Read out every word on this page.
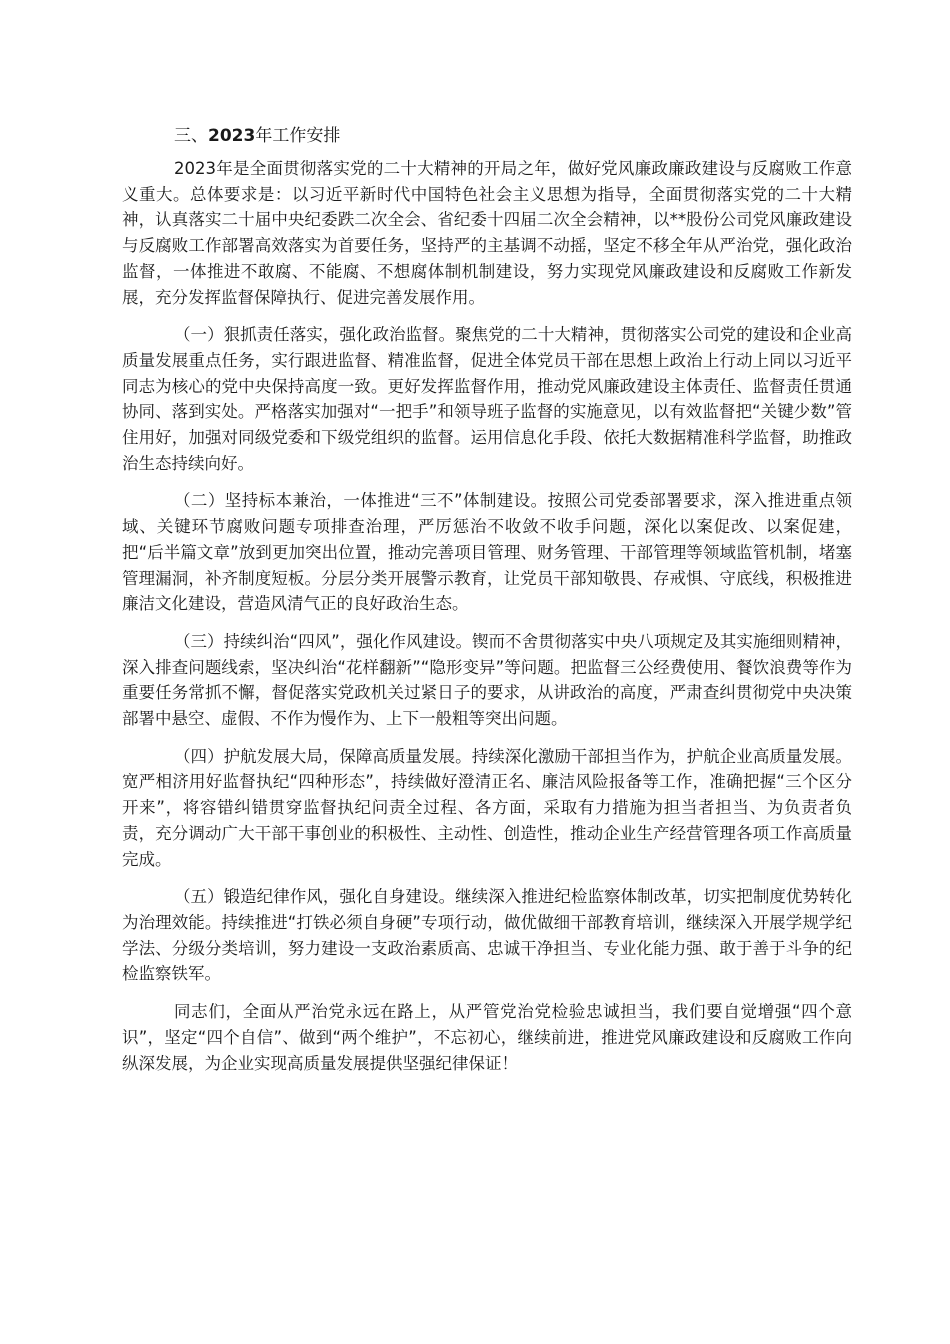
三、2023年工作安排

2023年是全面贯彻落实党的二十大精神的开局之年，做好党风廉政廉政建设与反腐败工作意义重大。总体要求是：以习近平新时代中国特色社会主义思想为指导，全面贯彻落实党的二十大精神，认真落实二十届中央纪委跌二次全会、省纪委十四届二次全会精神，以**股份公司党风廉政建设与反腐败工作部署高效落实为首要任务，坚持严的主基调不动摇，坚定不移全年从严治党，强化政治监督，一体推进不敢腐、不能腐、不想腐体制机制建设，努力实现党风廉政建设和反腐败工作新发展，充分发挥监督保障执行、促进完善发展作用。

（一）狠抓责任落实，强化政治监督。聚焦党的二十大精神，贯彻落实公司党的建设和企业高质量发展重点任务，实行跟进监督、精准监督，促进全体党员干部在思想上政治上行动上同以习近平同志为核心的党中央保持高度一致。更好发挥监督作用，推动党风廉政建设主体责任、监督责任贯通协同、落到实处。严格落实加强对“一把手”和领导班子监督的实施意见，以有效监督把“关键少数”管住用好，加强对同级党委和下级党组织的监督。运用信息化手段、依托大数据精准科学监督，助推政治生态持续向好。

（二）坚持标本兼治，一体推进“三不”体制建设。按照公司党委部署要求，深入推进重点领域、关键环节腐败问题专项排查治理，严厉惩治不收敛不收手问题，深化以案促改、以案促建，把“后半篇文章”放到更加突出位置，推动完善项目管理、财务管理、干部管理等领域监管机制，堵塞管理漏洞，补齐制度短板。分层分类开展警示教育，让党员干部知敬畏、存戒惧、守底线，积极推进廉洁文化建设，营造风清气正的良好政治生态。

（三）持续纠治“四风”，强化作风建设。锲而不舍贯彻落实中央八项规定及其实施细则精神，深入排查问题线索，坚决纠治“花样翻新”“隐形变异”等问题。把监督三公经费使用、餐饮浪费等作为重要任务常抓不懈，督促落实党政机关过紧日子的要求，从讲政治的高度，严肃查纠贯彻党中央决策部署中悬空、虚假、不作为慢作为、上下一般粗等突出问题。

（四）护航发展大局，保障高质量发展。持续深化激励干部担当作为，护航企业高质量发展。宽严相济用好监督执纪“四种形态”，持续做好澄清正名、廉洁风险报备等工作，准确把握“三个区分开来”，将容错纠错贯穿监督执纪问责全过程、各方面，采取有力措施为担当者担当、为负责者负责，充分调动广大干部干事创业的积极性、主动性、创造性，推动企业生产经营管理各项工作高质量完成。

（五）锻造纪律作风，强化自身建设。继续深入推进纪检监察体制改革，切实把制度优势转化为治理效能。持续推进“打铁必须自身硬”专项行动，做优做细干部教育培训，继续深入开展学规学纪学法、分级分类培训，努力建设一支政治素质高、忠诚干净担当、专业化能力强、敢于善于斗争的纪检监察铁军。

同志们，全面从严治党永远在路上，从严管党治党检验忠诚担当，我们要自觉增强“四个意识”，坚定“四个自信”、做到“两个维护”，不忘初心，继续前进，推进党风廉政建设和反腐败工作向纵深发展，为企业实现高质量发展提供坚强纪律保证！
